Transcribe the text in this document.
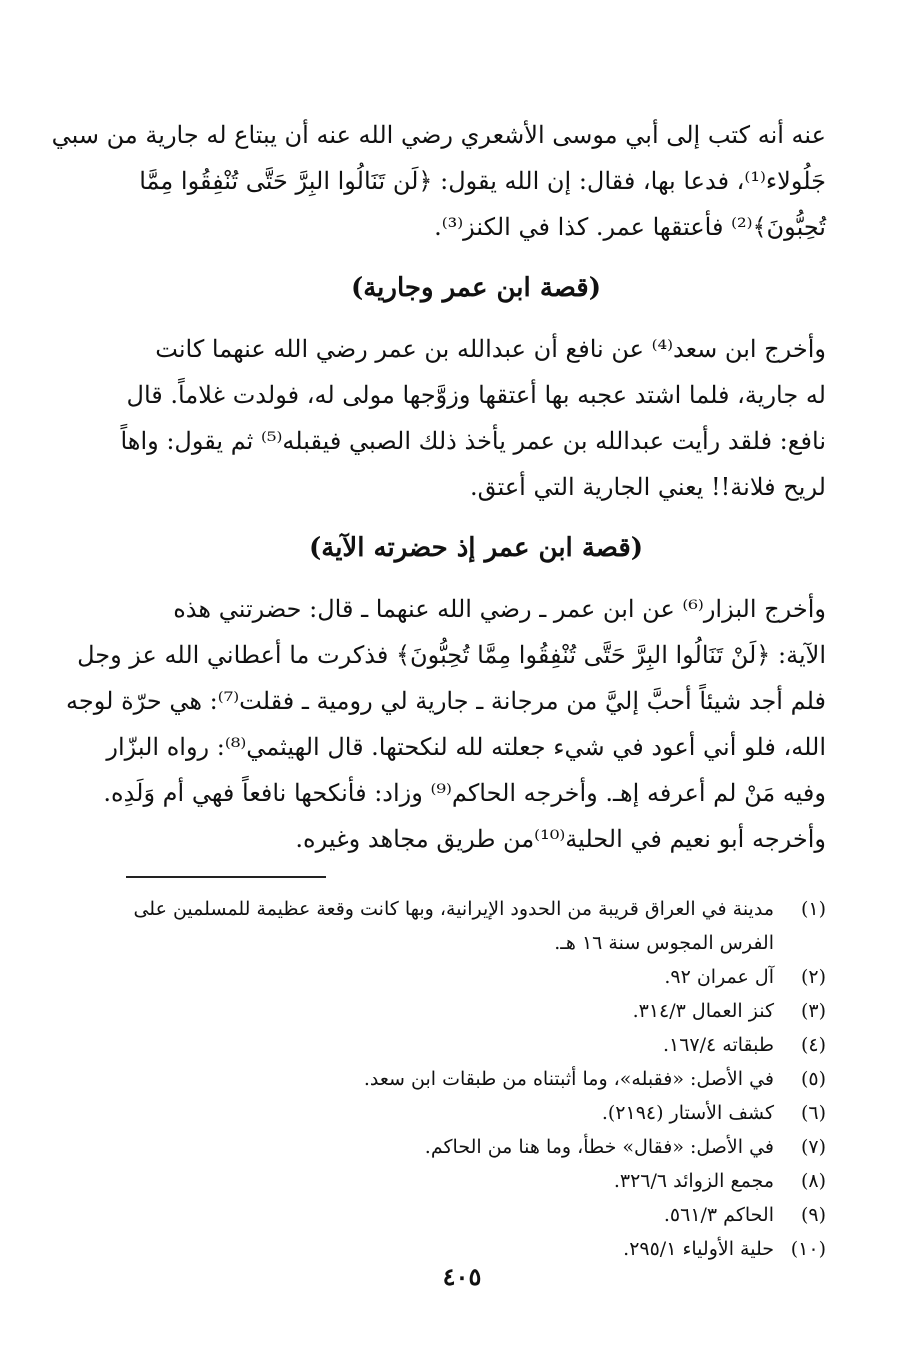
عنه أنه كتب إلى أبي موسى الأشعري رضي الله عنه أن يبتاع له جارية من سبي
جَلُولاء⁽¹⁾، فدعا بها، فقال: إن الله يقول: ﴿لَن تَنَالُوا البِرَّ حَتَّى تُنْفِقُوا مِمَّا
تُحِبُّونَ﴾⁽²⁾ فأعتقها عمر. كذا في الكنز⁽³⁾.

(قصة ابن عمر وجارية)

وأخرج ابن سعد⁽⁴⁾ عن نافع أن عبدالله بن عمر رضي الله عنهما كانت
له جارية، فلما اشتد عجبه بها أعتقها وزوَّجها مولى له، فولدت غلاماً. قال
نافع: فلقد رأيت عبدالله بن عمر يأخذ ذلك الصبي فيقبله⁽⁵⁾ ثم يقول: واهاً
لريح فلانة!! يعني الجارية التي أعتق.

(قصة ابن عمر إذ حضرته الآية)

وأخرج البزار⁽⁶⁾ عن ابن عمر ـ رضي الله عنهما ـ قال: حضرتني هذه
الآية: ﴿لَنْ تَنَالُوا البِرَّ حَتَّى تُنْفِقُوا مِمَّا تُحِبُّونَ﴾ فذكرت ما أعطاني الله عز وجل
فلم أجد شيئاً أحبَّ إليَّ من مرجانة ـ جارية لي رومية ـ فقلت⁽⁷⁾: هي حرّة لوجه
الله، فلو أني أعود في شيء جعلته لله لنكحتها. قال الهيثمي⁽⁸⁾: رواه البزّار
وفيه مَنْ لم أعرفه إهـ. وأخرجه الحاكم⁽⁹⁾ وزاد: فأنكحها نافعاً فهي أم وَلَدِه.
وأخرجه أبو نعيم في الحلية⁽¹⁰⁾من طريق مجاهد وغيره.

(١)
مدينة في العراق قريبة من الحدود الإيرانية، وبها كانت وقعة عظيمة للمسلمين على الفرس المجوس سنة ١٦ هـ.
(٢)
آل عمران ٩٢.
(٣)
كنز العمال ٣١٤/٣.
(٤)
طبقاته ١٦٧/٤.
(٥)
في الأصل: «فقبله»، وما أثبتناه من طبقات ابن سعد.
(٦)
كشف الأستار (٢١٩٤).
(٧)
في الأصل: «فقال» خطأ، وما هنا من الحاكم.
(٨)
مجمع الزوائد ٣٢٦/٦.
(٩)
الحاكم ٥٦١/٣.
(١٠)
حلية الأولياء ٢٩٥/١.
٤٠٥
